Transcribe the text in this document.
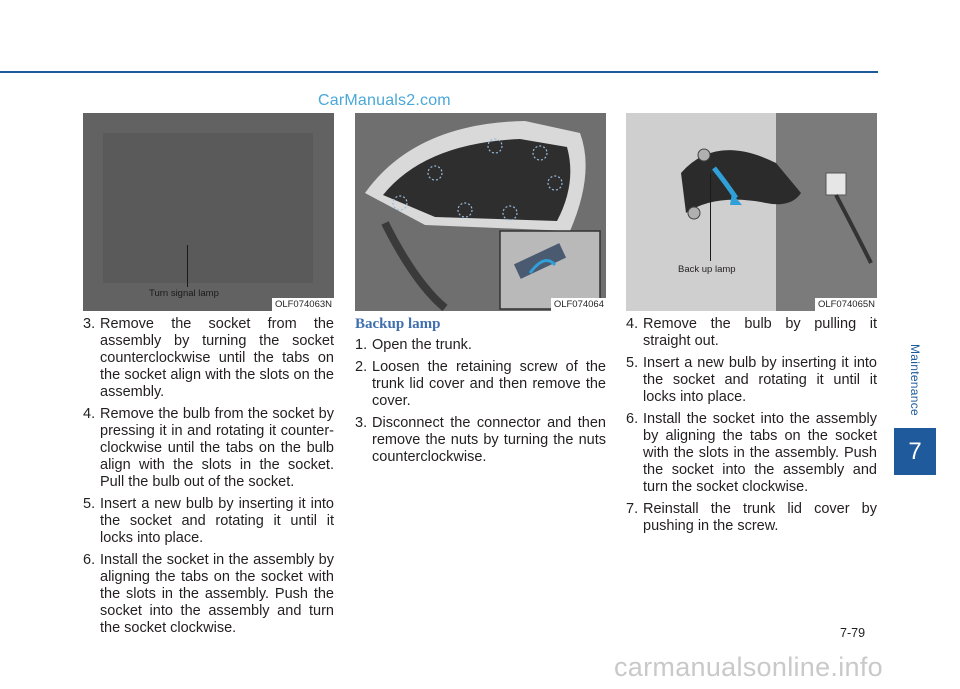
CarManuals2.com
Turn signal lamp
OLF074063N	OLF074064
Back up lamp
OLF074065N
3. Remove the socket from the assembly by turning the socket counterclockwise until the tabs on the socket align with the slots on the assembly.
4. Remove the bulb from the socket by pressing it in and rotating it counter-clockwise until the tabs on the bulb align with the slots in the socket. Pull the bulb out of the socket.
5. Insert a new bulb by inserting it into the socket and rotating it until it locks into place.
6. Install the socket in the assembly by aligning the tabs on the socket with the slots in the assembly. Push the socket into the assembly and turn the socket clockwise.
Backup lamp
1. Open the trunk.
2. Loosen the retaining screw of the trunk lid cover and then remove the cover.
3. Disconnect the connector and then remove the nuts by turning the nuts counterclockwise.
4. Remove the bulb by pulling it straight out.
5. Insert a new bulb by inserting it into the socket and rotating it until it locks into place.
6. Install the socket into the assembly by aligning the tabs on the socket with the slots in the assembly. Push the socket into the assembly and turn the socket clockwise.
7. Reinstall the trunk lid cover by pushing in the screw.
Maintenance
7
7-79
carmanualsonline.info
